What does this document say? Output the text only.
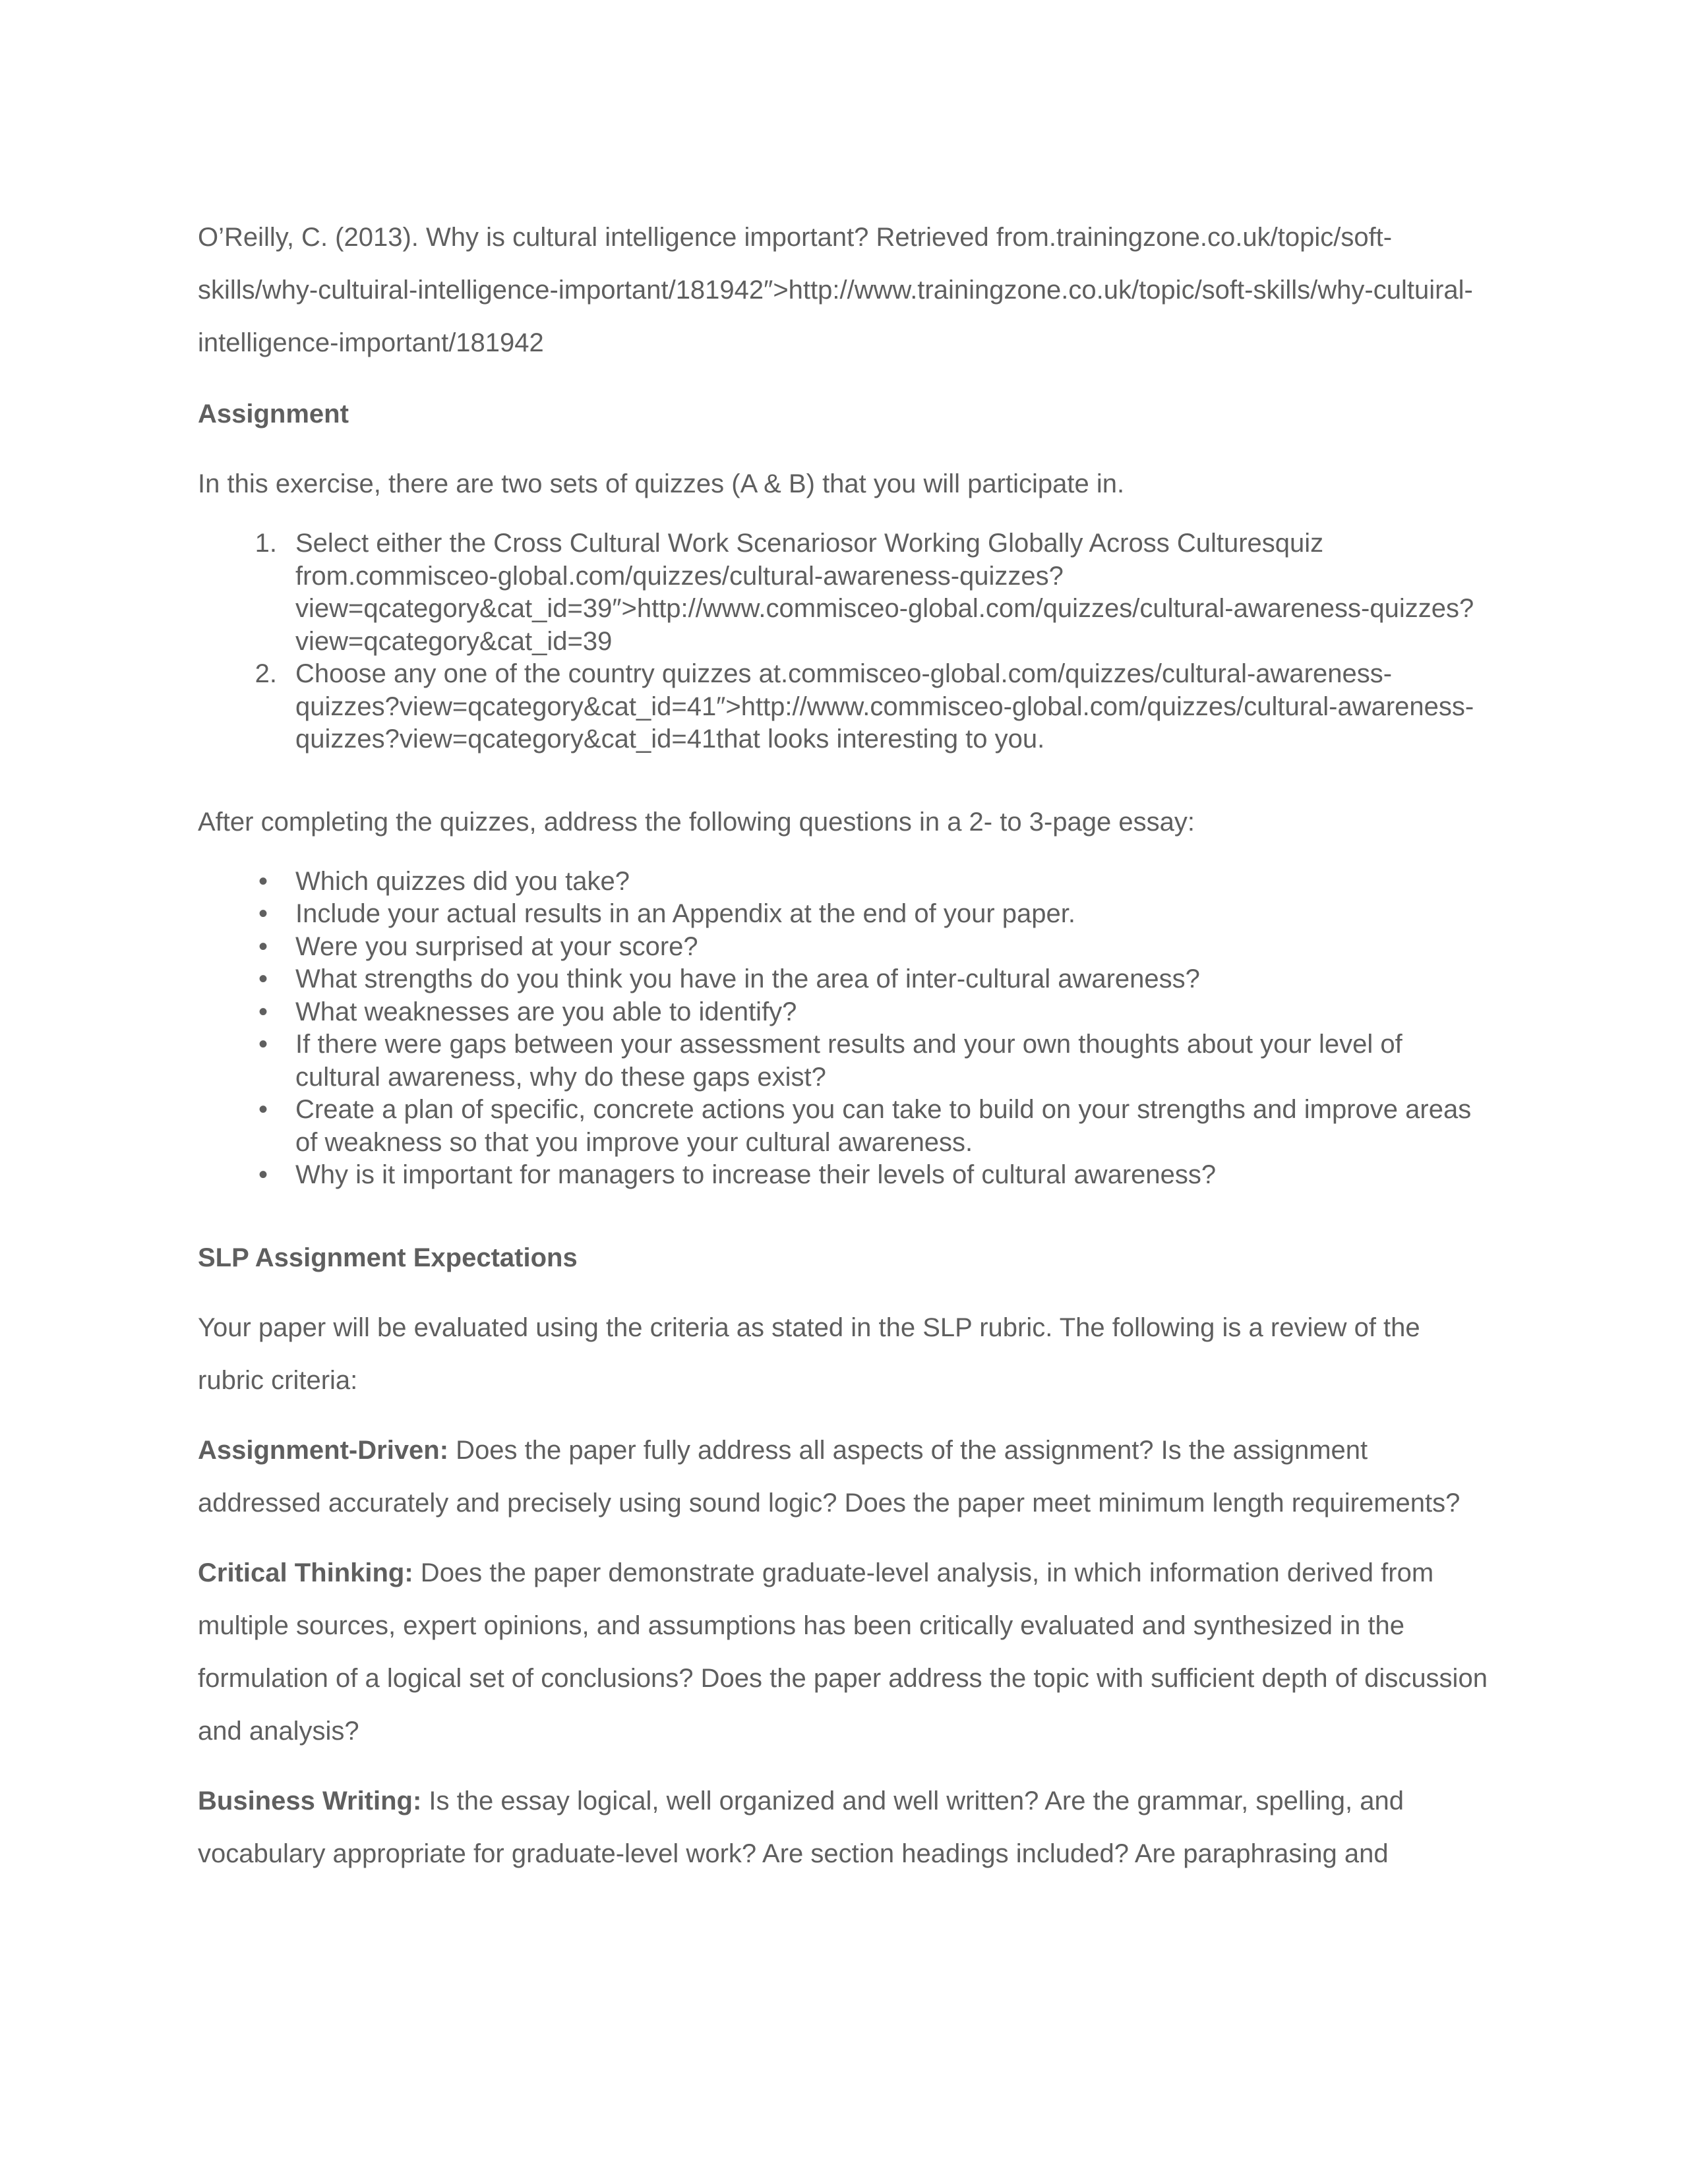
O’Reilly, C. (2013). Why is cultural intelligence important? Retrieved from.trainingzone.co.uk/topic/soft-skills/why-cultuiral-intelligence-important/181942″>http://www.trainingzone.co.uk/topic/soft-skills/why-cultuiral-intelligence-important/181942

Assignment

In this exercise, there are two sets of quizzes (A & B) that you will participate in.

1. Select either the Cross Cultural Work Scenariosor Working Globally Across Culturesquiz from.commisceo-global.com/quizzes/cultural-awareness-quizzes?view=qcategory&cat_id=39″>http://www.commisceo-global.com/quizzes/cultural-awareness-quizzes?view=qcategory&cat_id=39
2. Choose any one of the country quizzes at.commisceo-global.com/quizzes/cultural-awareness-quizzes?view=qcategory&cat_id=41″>http://www.commisceo-global.com/quizzes/cultural-awareness-quizzes?view=qcategory&cat_id=41that looks interesting to you.

After completing the quizzes, address the following questions in a 2- to 3-page essay:

• Which quizzes did you take?
• Include your actual results in an Appendix at the end of your paper.
• Were you surprised at your score?
• What strengths do you think you have in the area of inter-cultural awareness?
• What weaknesses are you able to identify?
• If there were gaps between your assessment results and your own thoughts about your level of cultural awareness, why do these gaps exist?
• Create a plan of specific, concrete actions you can take to build on your strengths and improve areas of weakness so that you improve your cultural awareness.
• Why is it important for managers to increase their levels of cultural awareness?

SLP Assignment Expectations

Your paper will be evaluated using the criteria as stated in the SLP rubric. The following is a review of the rubric criteria:

Assignment-Driven: Does the paper fully address all aspects of the assignment? Is the assignment addressed accurately and precisely using sound logic? Does the paper meet minimum length requirements?

Critical Thinking: Does the paper demonstrate graduate-level analysis, in which information derived from multiple sources, expert opinions, and assumptions has been critically evaluated and synthesized in the formulation of a logical set of conclusions? Does the paper address the topic with sufficient depth of discussion and analysis?

Business Writing: Is the essay logical, well organized and well written? Are the grammar, spelling, and vocabulary appropriate for graduate-level work? Are section headings included? Are paraphrasing and
